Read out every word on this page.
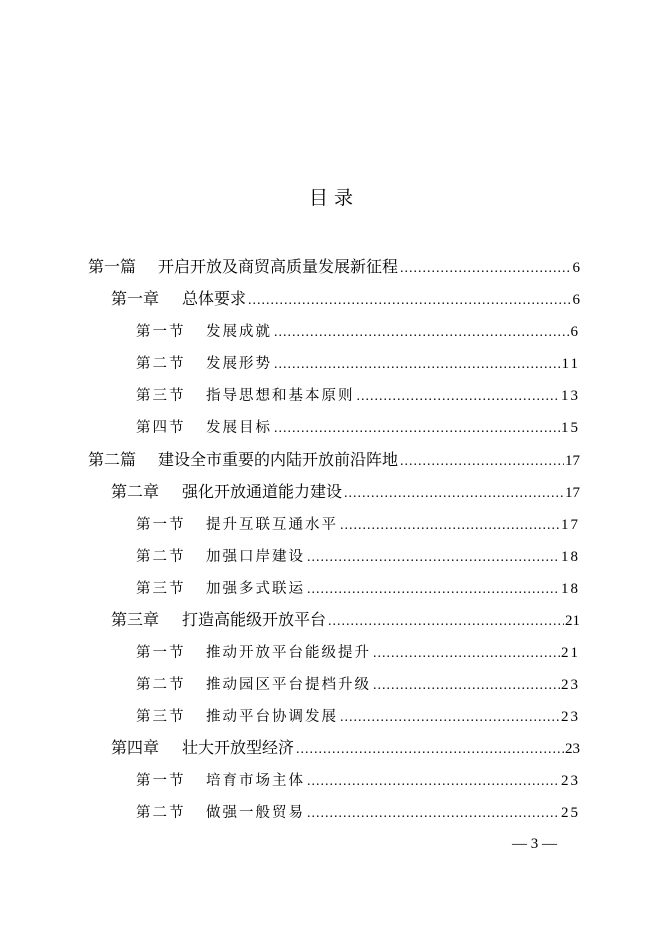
目 录
第一篇 开启开放及商贸高质量发展新征程 .....	6
第一章 总体要求 .....	6
第一节 发展成就 .....	6
第二节 发展形势 .....	11
第三节 指导思想和基本原则 .....	13
第四节 发展目标 .....	15
第二篇 建设全市重要的内陆开放前沿阵地 .....	17
第二章 强化开放通道能力建设 .....	17
第一节 提升互联互通水平 .....	17
第二节 加强口岸建设 .....	18
第三节 加强多式联运 .....	18
第三章 打造高能级开放平台 .....	21
第一节 推动开放平台能级提升 .....	21
第二节 推动园区平台提档升级 .....	23
第三节 推动平台协调发展 .....	23
第四章 壮大开放型经济 .....	23
第一节 培育市场主体 .....	23
第二节 做强一般贸易 .....	25
— 3 —
